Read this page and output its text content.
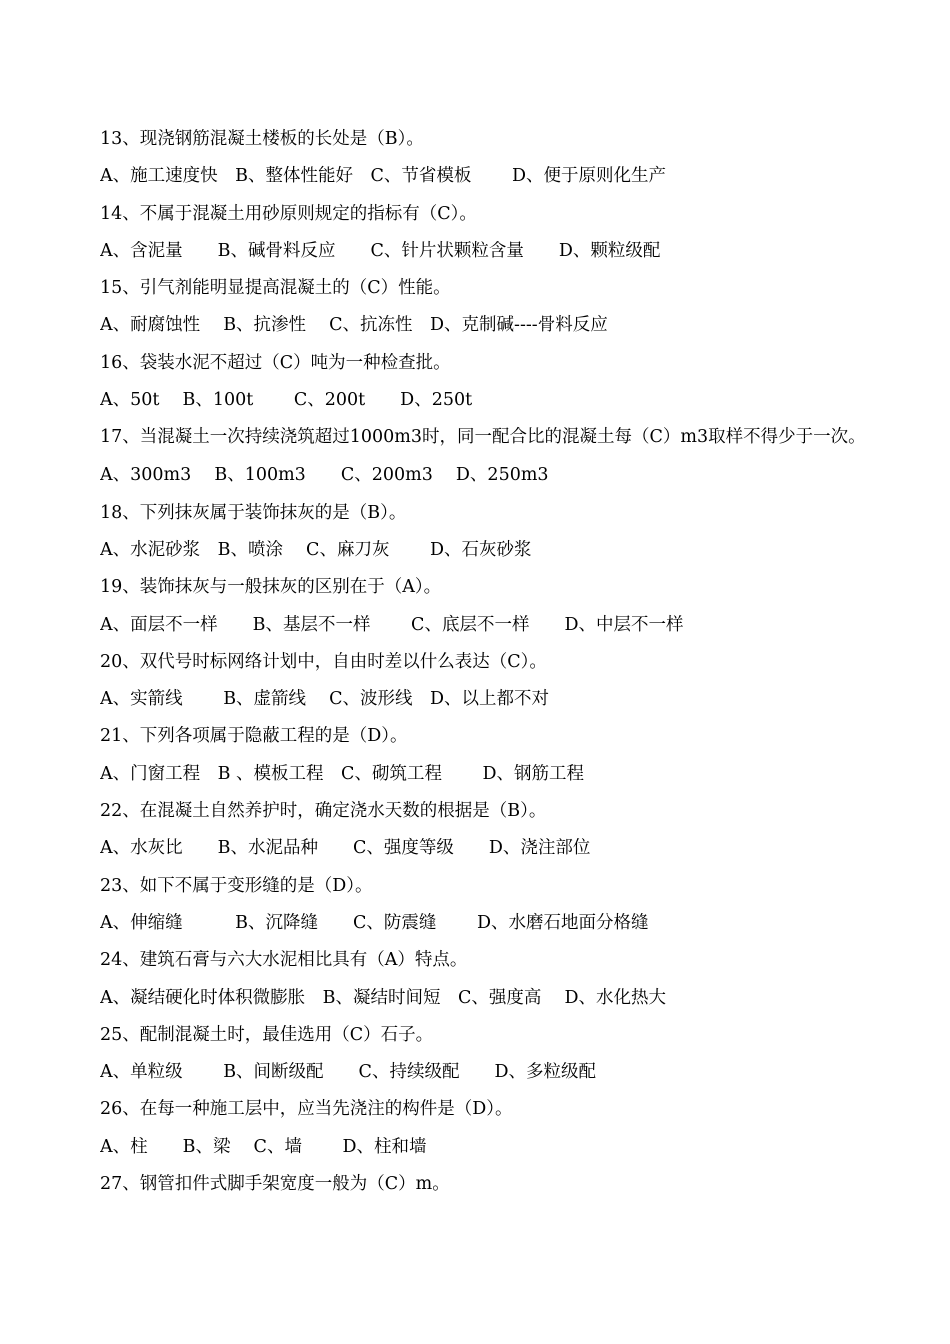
13、现浇钢筋混凝土楼板的长处是（B）。
A、施工速度快　B、整体性能好　C、节省模板　　 D、便于原则化生产
14、不属于混凝土用砂原则规定的指标有（C）。
A、含泥量　　B、碱骨料反应　　C、针片状颗粒含量　　D、颗粒级配
15、引气剂能明显提高混凝土的（C）性能。
A、耐腐蚀性　 B、抗渗性　 C、抗冻性　D、克制碱----骨料反应
16、袋装水泥不超过（C）吨为一种检查批。
A、50t　 B、100t　　 C、200t　　D、250t
17、当混凝土一次持续浇筑超过1000m3时，同一配合比的混凝土每（C）m3取样不得少于一次。
A、300m3　 B、100m3　　C、200m3　 D、250m3
18、下列抹灰属于装饰抹灰的是（B）。
A、水泥砂浆　B、喷涂　 C、麻刀灰　　 D、石灰砂浆
19、装饰抹灰与一般抹灰的区别在于（A）。
A、面层不一样　　B、基层不一样　　 C、底层不一样　　D、中层不一样
20、双代号时标网络计划中，自由时差以什么表达（C）。
A、实箭线　　 B、虚箭线　 C、波形线　D、以上都不对
21、下列各项属于隐蔽工程的是（D）。
A、门窗工程　B 、模板工程　C、砌筑工程　　 D、钢筋工程
22、在混凝土自然养护时，确定浇水天数的根据是（B）。
A、水灰比　　B、水泥品种　　C、强度等级　　D、浇注部位
23、如下不属于变形缝的是（D）。
A、伸缩缝　　　B、沉降缝　　C、防震缝　　 D、水磨石地面分格缝
24、建筑石膏与六大水泥相比具有（A）特点。
A、凝结硬化时体积微膨胀　B、凝结时间短　C、强度高　 D、水化热大
25、配制混凝土时，最佳选用（C）石子。
A、单粒级　　 B、间断级配　　C、持续级配　　D、多粒级配
26、在每一种施工层中，应当先浇注的构件是（D）。
A、柱　　B、梁　 C、墙　　 D、柱和墙
27、钢管扣件式脚手架宽度一般为（C）m。
